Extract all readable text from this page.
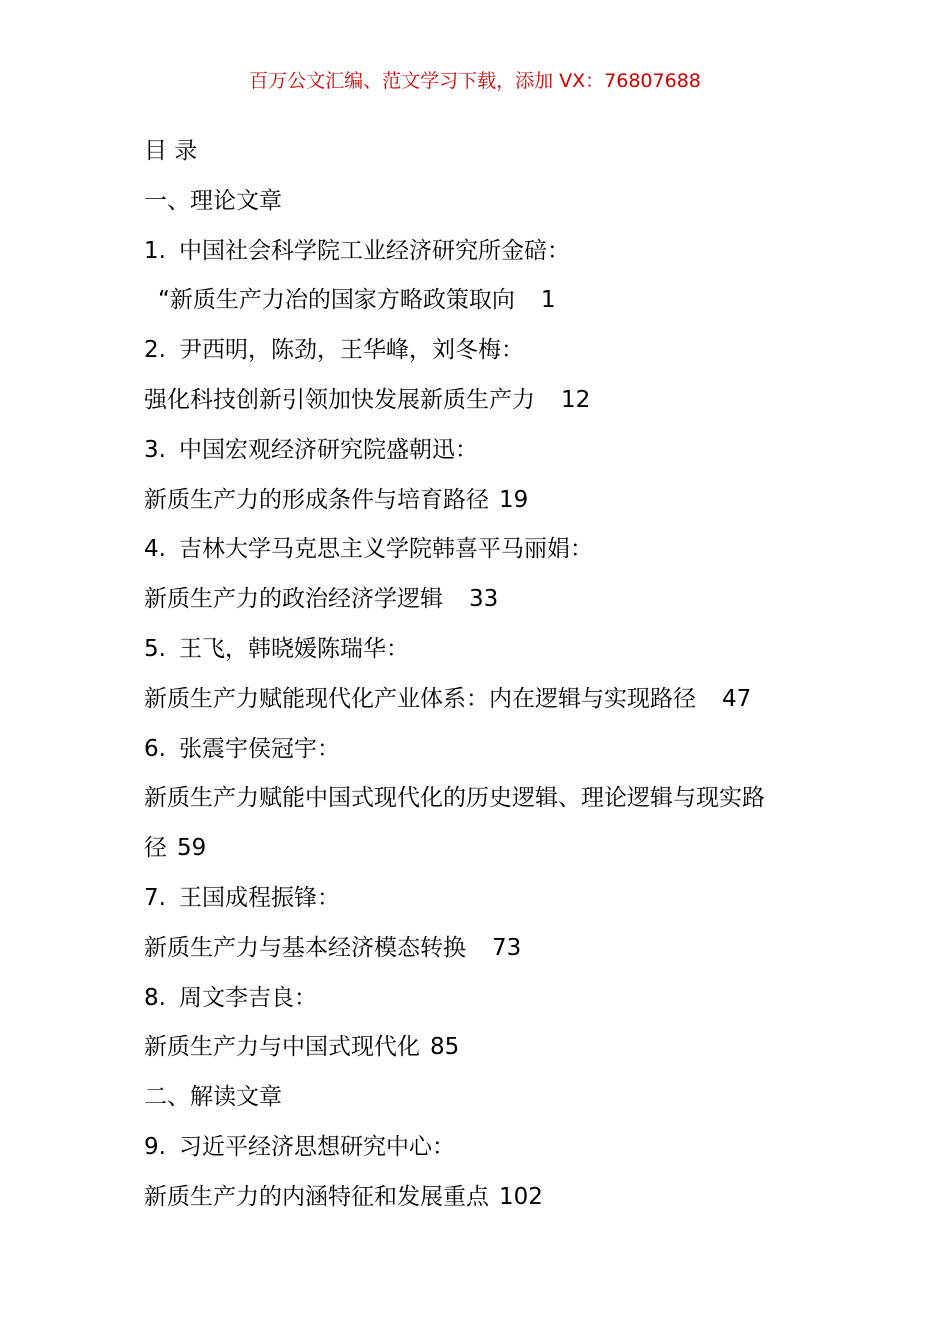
百万公文汇编、范文学习下载，添加 VX：76807688
目 录
一、理论文章
1. 中国社会科学院工业经济研究所金碚：
“新质生产力冶的国家方略政策取向 1
2. 尹西明，陈劲，王华峰，刘冬梅：
强化科技创新引领加快发展新质生产力 12
3. 中国宏观经济研究院盛朝迅：
新质生产力的形成条件与培育路径 19
4. 吉林大学马克思主义学院韩喜平马丽娟：
新质生产力的政治经济学逻辑 33
5. 王飞，韩晓媛陈瑞华：
新质生产力赋能现代化产业体系：内在逻辑与实现路径 47
6. 张震宇侯冠宇：
新质生产力赋能中国式现代化的历史逻辑、理论逻辑与现实路
径 59
7. 王国成程振锋：
新质生产力与基本经济模态转换 73
8. 周文李吉良：
新质生产力与中国式现代化 85
二、解读文章
9. 习近平经济思想研究中心：
新质生产力的内涵特征和发展重点 102
